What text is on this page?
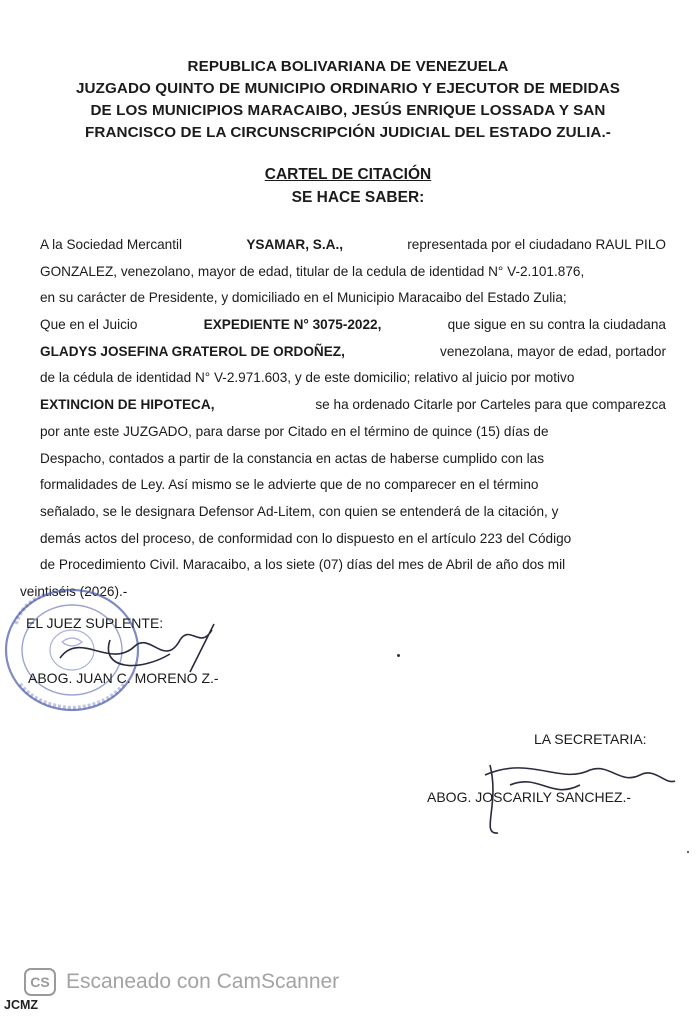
REPUBLICA BOLIVARIANA DE VENEZUELA
JUZGADO QUINTO DE MUNICIPIO ORDINARIO Y EJECUTOR DE MEDIDAS
DE LOS MUNICIPIOS MARACAIBO, JESÚS ENRIQUE LOSSADA Y SAN
FRANCISCO DE LA CIRCUNSCRIPCIÓN JUDICIAL DEL ESTADO ZULIA.-
CARTEL DE CITACIÓN
SE HACE SABER:
A la Sociedad Mercantil	YSAMAR, S.A.,	representada por el ciudadano RAUL PILO
GONZALEZ, venezolano, mayor de edad, titular de la cedula de identidad N° V-2.101.876,
en su carácter de Presidente, y domiciliado en el Municipio Maracaibo del Estado Zulia;
Que en el Juicio	EXPEDIENTE N° 3075-2022,	que sigue en su contra la ciudadana
GLADYS JOSEFINA GRATEROL DE ORDOÑEZ,	venezolana, mayor de edad, portador
de la cédula de identidad N° V-2.971.603, y de este domicilio; relativo al juicio por motivo
EXTINCION DE HIPOTECA,	se ha ordenado Citarle por Carteles para que comparezca
por ante este JUZGADO, para darse por Citado en el término de quince (15) días de
Despacho, contados a partir de la constancia en actas de haberse cumplido con las
formalidades de Ley. Así mismo se le advierte que de no comparecer en el término
señalado, se le designara Defensor Ad-Litem, con quien se entenderá de la citación, y
demás actos del proceso, de conformidad con lo dispuesto en el artículo 223 del Código
de Procedimiento Civil. Maracaibo, a los siete (07) días del mes de Abril de año dos mil
veintiséis (2026).-
EL JUEZ SUPLENTE:
ABOG. JUAN C. MORENO Z.-
LA SECRETARIA:
ABOG. JOSCARILY SANCHEZ.-
CS Escaneado con CamScanner
JCMZ
